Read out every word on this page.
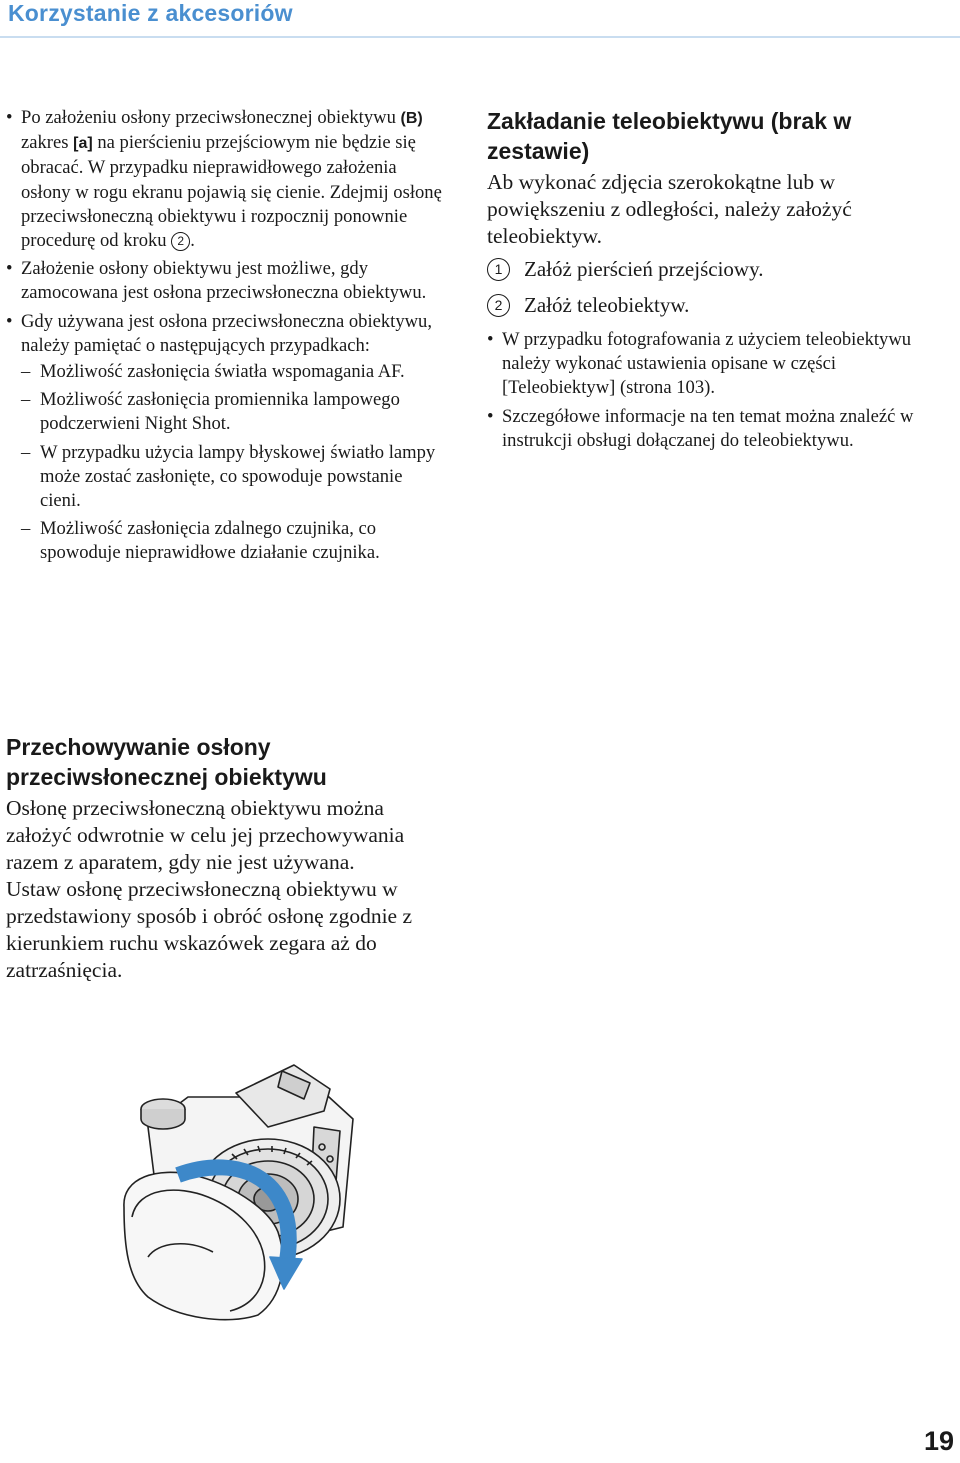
Korzystanie z akcesoriów
• Po założeniu osłony przeciwsłonecznej obiektywu (B) zakres [a] na pierścieniu przejściowym nie będzie się obracać. W przypadku nieprawidłowego założenia osłony w rogu ekranu pojawią się cienie. Zdejmij osłonę przeciwsłoneczną obiektywu i rozpocznij ponownie procedurę od kroku 2 .
• Założenie osłony obiektywu jest możliwe, gdy zamocowana jest osłona przeciwsłoneczna obiektywu.
• Gdy używana jest osłona przeciwsłoneczna obiektywu, należy pamiętać o następujących przypadkach:
– Możliwość zasłonięcia światła wspomagania AF.
– Możliwość zasłonięcia promiennika lampowego podczerwieni Night Shot.
– W przypadku użycia lampy błyskowej światło lampy może zostać zasłonięte, co spowoduje powstanie cieni.
– Możliwość zasłonięcia zdalnego czujnika, co spowoduje nieprawidłowe działanie czujnika.
Przechowywanie osłony przeciwsłonecznej obiektywu

Osłonę przeciwsłoneczną obiektywu można założyć odwrotnie w celu jej przechowywania razem z aparatem, gdy nie jest używana.

Ustaw osłonę przeciwsłoneczną obiektywu w przedstawiony sposób i obróć osłonę zgodnie z kierunkiem ruchu wskazówek zegara aż do zatrzaśnięcia.

Zakładanie teleobiektywu (brak w zestawie)

Ab wykonać zdjęcia szerokokątne lub w powiększeniu z odległości, należy założyć teleobiektyw.

1	Załóż pierścień przejściowy.
2	Załóż teleobiektyw.
• W przypadku fotografowania z użyciem teleobiektywu należy wykonać ustawienia opisane w części [Teleobiektyw] (strona 103).
• Szczegółowe informacje na ten temat można znaleźć w instrukcji obsługi dołączanej do teleobiektywu.
19
